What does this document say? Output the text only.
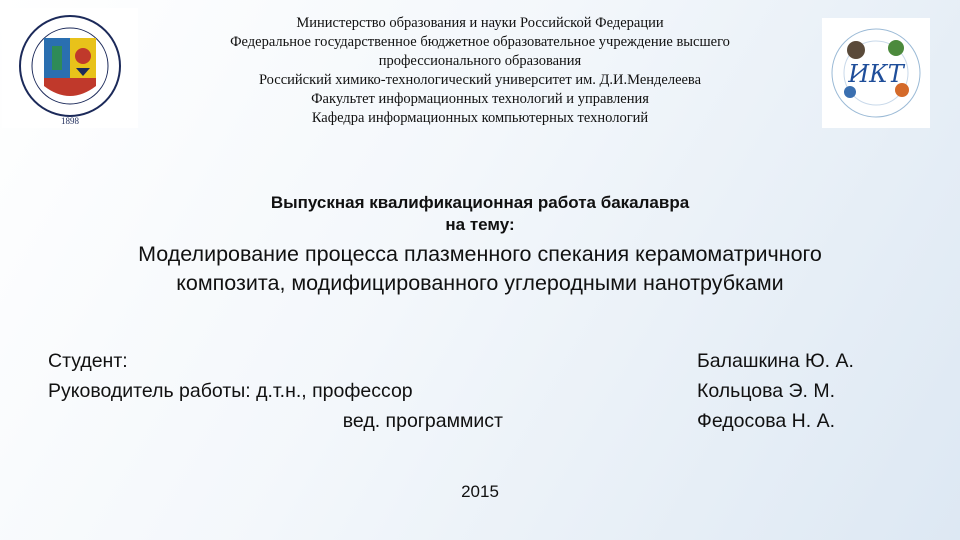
1898
ИКТ
Министерство образования и науки Российской Федерации
Федеральное государственное бюджетное образовательное учреждение высшего
профессионального образования
Российский химико-технологический университет им. Д.И.Менделеева
Факультет информационных технологий и управления
Кафедра информационных компьютерных технологий
Выпускная квалификационная работа бакалавра
на тему:
Моделирование процесса плазменного спекания керамоматричного
композита, модифицированного углеродными нанотрубками
Студент:
Руководитель работы: д.т.н., профессор
вед. программист
Балашкина Ю. А.
Кольцова Э. М.
Федосова Н. А.
2015
